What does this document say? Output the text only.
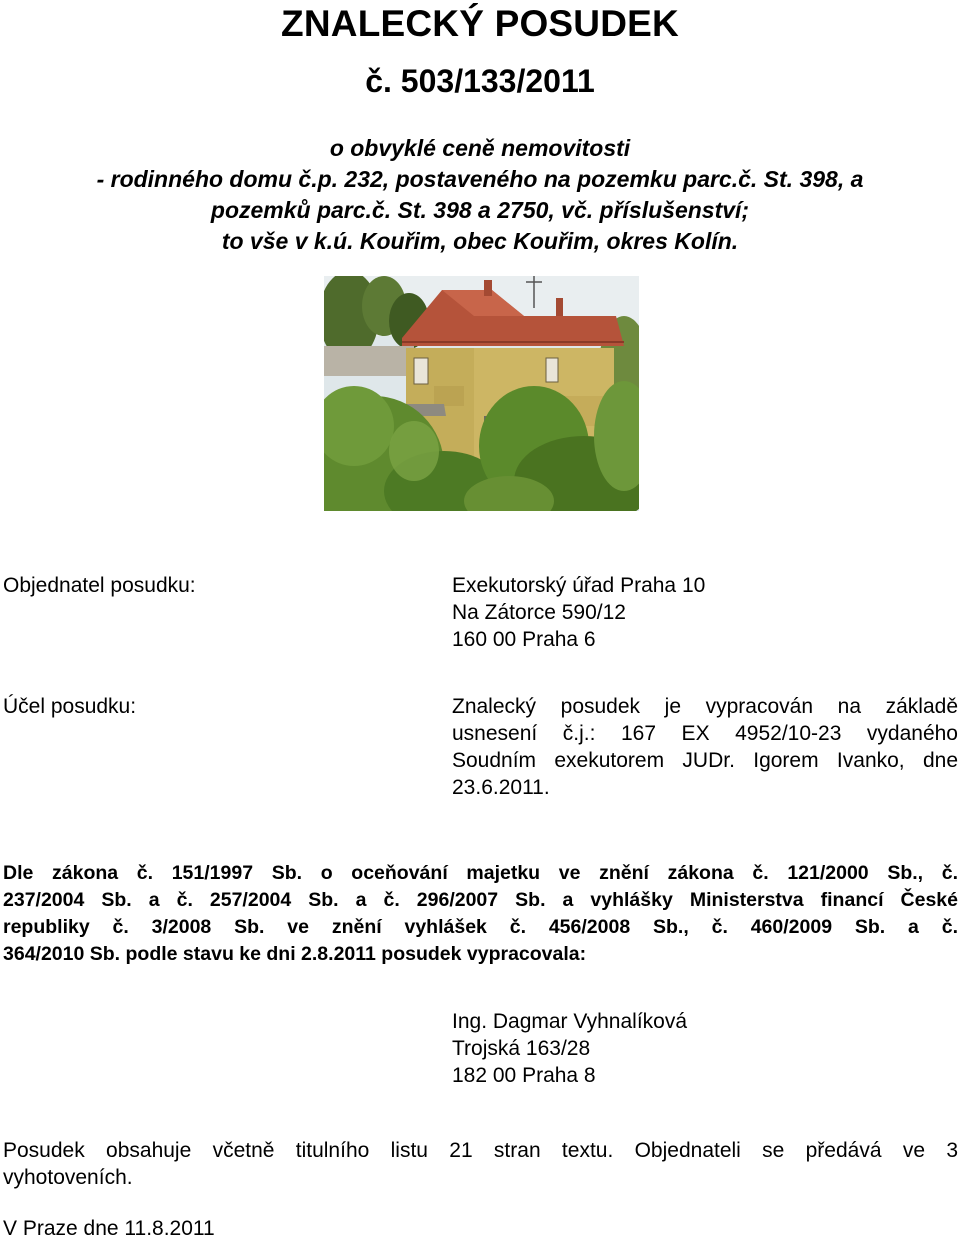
ZNALECKÝ POSUDEK
č. 503/133/2011
o obvyklé ceně nemovitosti
- rodinného domu č.p. 232, postaveného na pozemku parc.č. St. 398, a
pozemků parc.č. St. 398 a 2750, vč. příslušenství;
to vše v k.ú. Kouřim, obec Kouřim, okres Kolín.
Objednatel posudku:	Exekutorský úřad Praha 10
Na Zátorce 590/12
160 00 Praha 6
Účel posudku:	Znalecký posudek je vypracován na základě
usnesení č.j.: 167 EX 4952/10-23 vydaného
Soudním exekutorem JUDr. Igorem Ivanko, dne
23.6.2011.
Dle zákona č. 151/1997 Sb. o oceňování majetku ve znění zákona č. 121/2000 Sb., č.
237/2004 Sb. a č. 257/2004 Sb. a č. 296/2007 Sb. a vyhlášky Ministerstva financí České
republiky č. 3/2008 Sb. ve znění vyhlášek č. 456/2008 Sb., č. 460/2009 Sb. a č.
364/2010 Sb. podle stavu ke dni 2.8.2011 posudek vypracovala:
Ing. Dagmar Vyhnalíková
Trojská 163/28
182 00 Praha 8
Posudek obsahuje včetně titulního listu 21 stran textu. Objednateli se předává ve 3
vyhotoveních.
V Praze dne 11.8.2011
